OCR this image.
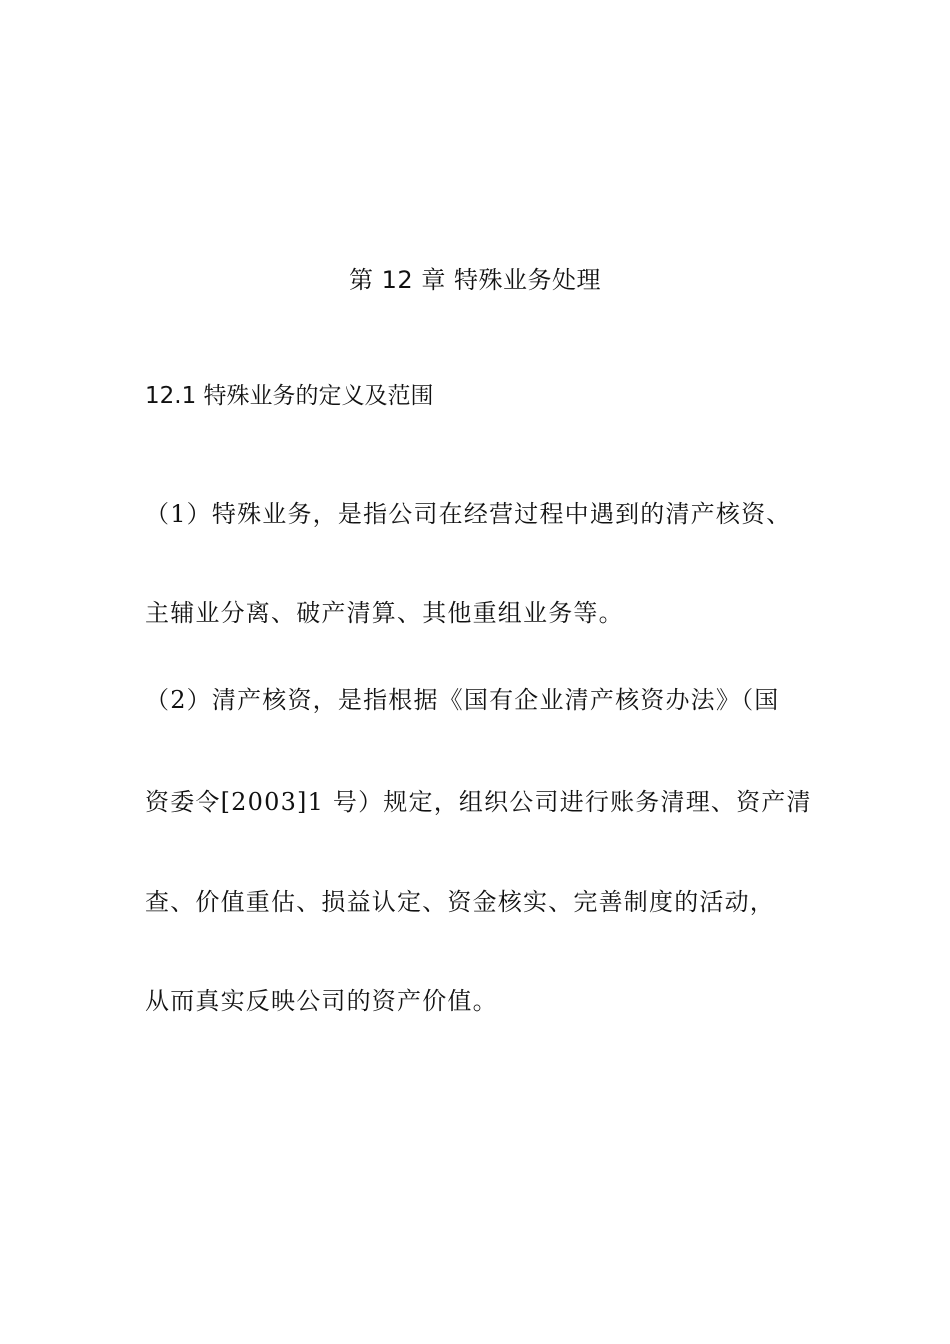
第 12 章 特殊业务处理
12.1 特殊业务的定义及范围
（1）特殊业务，是指公司在经营过程中遇到的清产核资、
主辅业分离、破产清算、其他重组业务等。
（2）清产核资，是指根据《国有企业清产核资办法》（国
资委令[2003]1 号）规定，组织公司进行账务清理、资产清
查、价值重估、损益认定、资金核实、完善制度的活动，
从而真实反映公司的资产价值。
